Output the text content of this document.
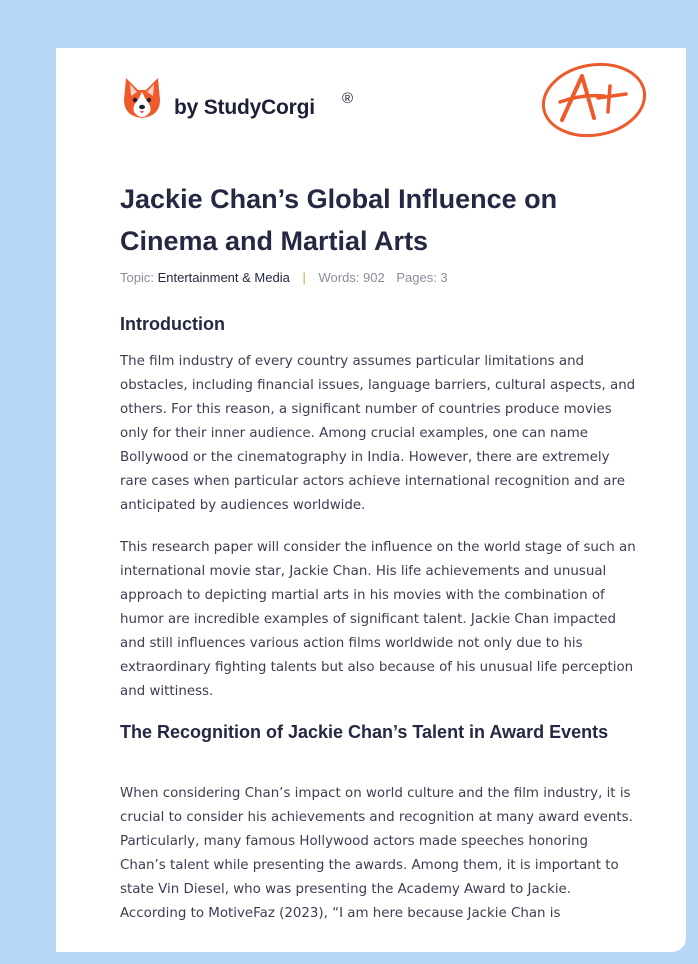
by StudyCorgi ®
Jackie Chan’s Global Influence on Cinema and Martial Arts
Topic: Entertainment & Media | Words: 902 Pages: 3
Introduction

The film industry of every country assumes particular limitations and obstacles, including financial issues, language barriers, cultural aspects, and others. For this reason, a significant number of countries produce movies only for their inner audience. Among crucial examples, one can name Bollywood or the cinematography in India. However, there are extremely rare cases when particular actors achieve international recognition and are anticipated by audiences worldwide.

This research paper will consider the influence on the world stage of such an international movie star, Jackie Chan. His life achievements and unusual approach to depicting martial arts in his movies with the combination of humor are incredible examples of significant talent. Jackie Chan impacted and still influences various action films worldwide not only due to his extraordinary fighting talents but also because of his unusual life perception and wittiness.

The Recognition of Jackie Chan’s Talent in Award Events

When considering Chan’s impact on world culture and the film industry, it is crucial to consider his achievements and recognition at many award events. Particularly, many famous Hollywood actors made speeches honoring Chan’s talent while presenting the awards. Among them, it is important to state Vin Diesel, who was presenting the Academy Award to Jackie. According to MotiveFaz (2023), “I am here because Jackie Chan is
